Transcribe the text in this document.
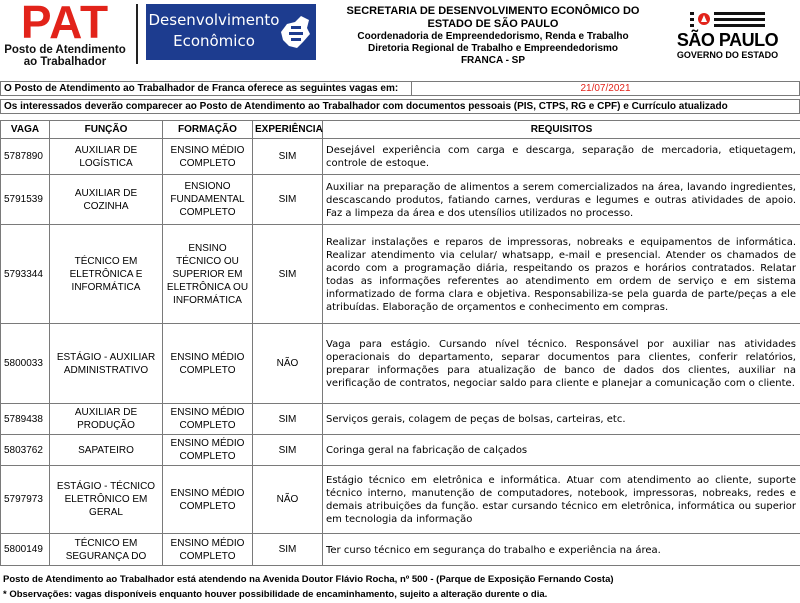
PAT
Posto de Atendimento
ao Trabalhador
Desenvolvimento
Econômico
SECRETARIA DE DESENVOLVIMENTO ECONÔMICO DO ESTADO DE SÃO PAULO
Coordenadoria de Empreendedorismo, Renda e Trabalho
Diretoria Regional de Trabalho e Empreendedorismo
FRANCA - SP
SÃO PAULO
GOVERNO DO ESTADO
O Posto de Atendimento ao Trabalhador de Franca oferece as seguintes vagas em:	21/07/2021
Os interessados deverão comparecer ao Posto de Atendimento ao Trabalhador com documentos pessoais (PIS, CTPS, RG e CPF) e Currículo atualizado
VAGA	FUNÇÃO	FORMAÇÃO	EXPERIÊNCIA	REQUISITOS
5787890	AUXILIAR DE LOGÍSTICA	ENSINO MÉDIO COMPLETO	SIM	Desejável experiência com carga e descarga, separação de mercadoria, etiquetagem, controle de estoque.
5791539	AUXILIAR DE COZINHA	ENSIONO FUNDAMENTAL COMPLETO	SIM	Auxiliar na preparação de alimentos a serem comercializados na área, lavando ingredientes, descascando produtos, fatiando carnes, verduras e legumes e outras atividades de apoio. Faz a limpeza da área e dos utensílios utilizados no processo.
5793344	TÉCNICO EM ELETRÔNICA E INFORMÁTICA	ENSINO TÉCNICO OU SUPERIOR EM ELETRÔNICA OU INFORMÁTICA	SIM	Realizar instalações e reparos de impressoras, nobreaks e equipamentos de informática. Realizar atendimento via celular/ whatsapp, e-mail e presencial. Atender os chamados de acordo com a programação diária, respeitando os prazos e horários contratados. Relatar todas as informações referentes ao atendimento em ordem de serviço e em sistema informatizado de forma clara e objetiva. Responsabiliza-se pela guarda de parte/peças a ele atribuídas. Elaboração de orçamentos e conhecimento em compras.
5800033	ESTÁGIO - AUXILIAR ADMINISTRATIVO	ENSINO MÉDIO COMPLETO	NÃO	Vaga para estágio. Cursando nível técnico. Responsável por auxiliar nas atividades operacionais do departamento, separar documentos para clientes, conferir relatórios, preparar informações para atualização de banco de dados dos clientes, auxiliar na verificação de contratos, negociar saldo para cliente e planejar a comunicação com o cliente.
5789438	AUXILIAR DE PRODUÇÃO	ENSINO MÉDIO COMPLETO	SIM	Serviços gerais, colagem de peças de bolsas, carteiras, etc.
5803762	SAPATEIRO	ENSINO MÉDIO COMPLETO	SIM	Coringa geral na fabricação de calçados
5797973	ESTÁGIO - TÉCNICO ELETRÔNICO EM GERAL	ENSINO MÉDIO COMPLETO	NÃO	Estágio técnico em eletrônica e informática. Atuar com atendimento ao cliente, suporte técnico interno, manutenção de computadores, notebook, impressoras, nobreaks, redes e demais atribuições da função. estar cursando técnico em eletrônica, informática ou superior em tecnologia da informação
5800149	TÉCNICO EM SEGURANÇA DO	ENSINO MÉDIO COMPLETO	SIM	Ter curso técnico em segurança do trabalho e experiência na área.
Posto de Atendimento ao Trabalhador está atendendo na Avenida Doutor Flávio Rocha, nº 500 - (Parque de Exposição Fernando Costa)
* Observações: vagas disponíveis enquanto houver possibilidade de encaminhamento, sujeito a alteração durente o dia.
